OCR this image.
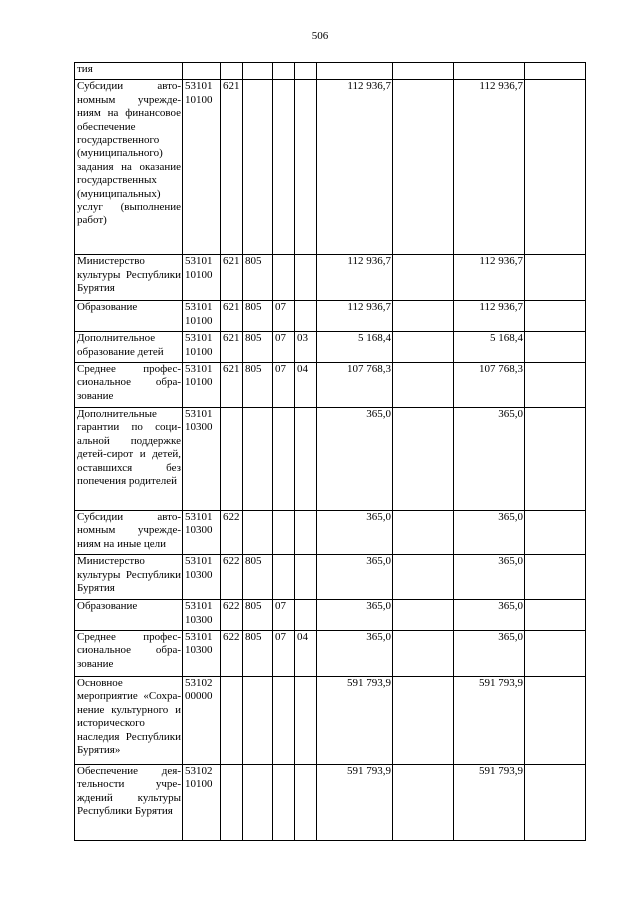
506
тия									
Субсидии автономным учреждениям на финансовое обеспечение государственного (муниципального) задания на оказание государственных (муниципальных) услуг (выполнение работ)	53101 10100	621				112 936,7		112 936,7	
Министерство культуры Республики Бурятия	53101 10100	621	805			112 936,7		112 936,7	
Образование	53101 10100	621	805	07		112 936,7		112 936,7	
Дополнительное образование детей	53101 10100	621	805	07	03	5 168,4		5 168,4	
Среднее профессиональное образование	53101 10100	621	805	07	04	107 768,3		107 768,3	
Дополнительные гарантии по социальной поддержке детей-сирот и детей, оставшихся без попечения родителей	53101 10300					365,0		365,0	
Субсидии автономным учреждениям на иные цели	53101 10300	622				365,0		365,0	
Министерство культуры Республики Бурятия	53101 10300	622	805			365,0		365,0	
Образование	53101 10300	622	805	07		365,0		365,0	
Среднее профессиональное образование	53101 10300	622	805	07	04	365,0		365,0	
Основное мероприятие «Сохранение культурного и исторического наследия Республики Бурятия»	53102 00000					591 793,9		591 793,9	
Обеспечение деятельности учреждений культуры Республики Бурятия	53102 10100					591 793,9		591 793,9	
